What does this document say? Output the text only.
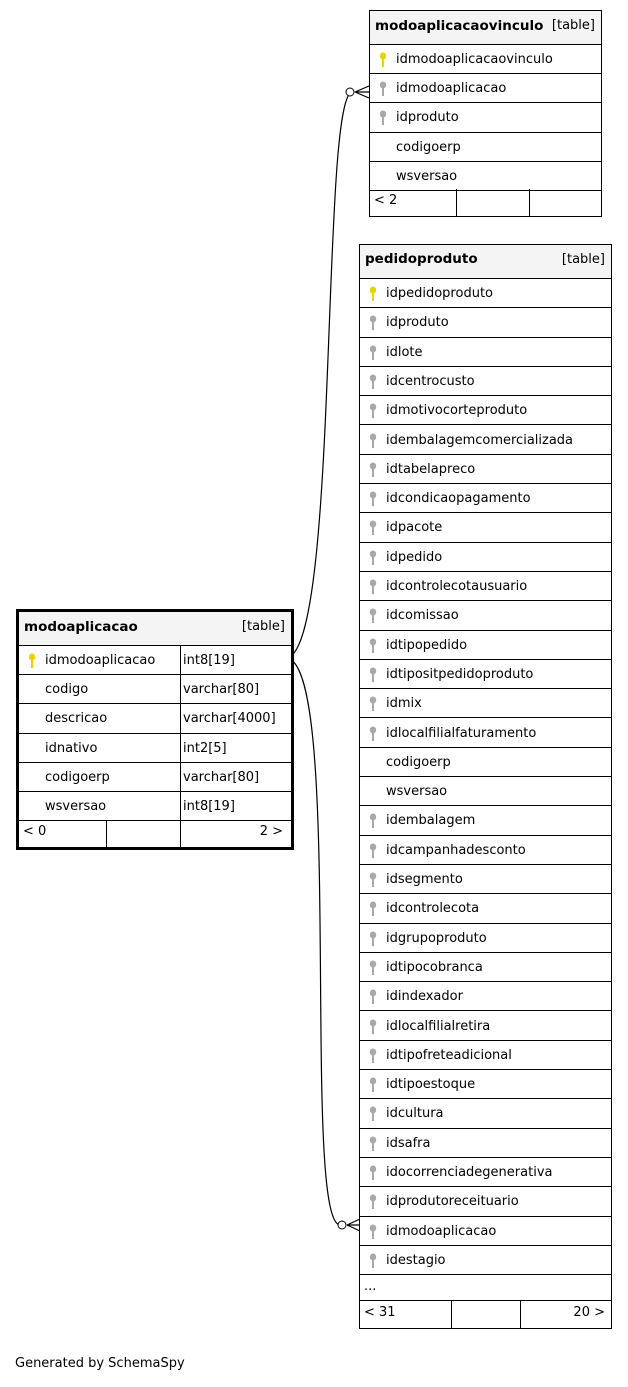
modoaplicacaovinculo [table]
idmodoaplicacaovinculo
idmodoaplicacao
idproduto
codigoerp
wsversao
< 2
pedidoproduto	[table]
idpedidoproduto
idproduto
idlote
idcentrocusto
idmotivocorteproduto
idembalagemcomercializada
idtabelapreco
idcondicaopagamento
idpacote
idpedido
idcontrolecotausuario
idcomissao
idtipopedido
idtipositpedidoproduto
idmix
idlocalfilialfaturamento
codigoerp
wsversao
idembalagem
idcampanhadesconto
idsegmento
idcontrolecota
idgrupoproduto
idtipocobranca
idindexador
idlocalfilialretira
idtipofreteadicional
idtipoestoque
idcultura
idsafra
idocorrenciadegenerativa
idprodutoreceituario
idmodoaplicacao
idestagio
...
< 31	20 >
modoaplicacao	[table]
idmodoaplicacao int8[19]
codigo	varchar[80]
descricao	varchar[4000]
idnativo	int2[5]
codigoerp	varchar[80]
wsversao	int8[19]
< 0	2 >
Generated by SchemaSpy
